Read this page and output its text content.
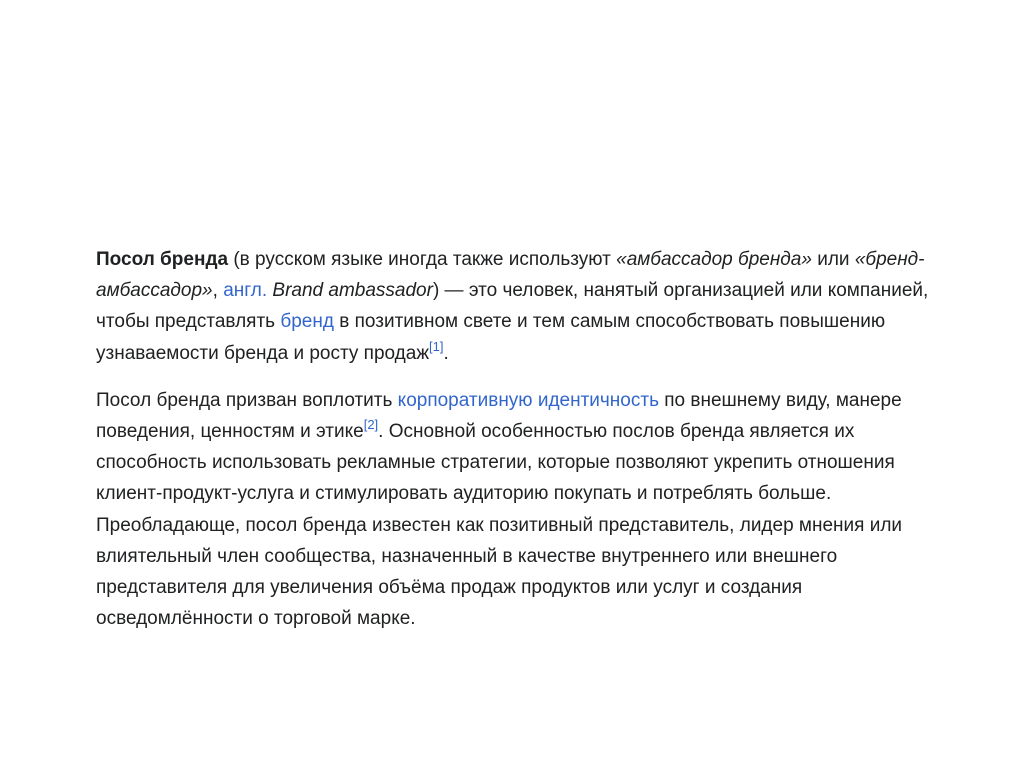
Посол бренда (в русском языке иногда также используют «амбассадор бренда» или «бренд-амбассадор», англ. Brand ambassador) — это человек, нанятый организацией или компанией, чтобы представлять бренд в позитивном свете и тем самым способствовать повышению узнаваемости бренда и росту продаж[1].

Посол бренда призван воплотить корпоративную идентичность по внешнему виду, манере поведения, ценностям и этике[2]. Основной особенностью послов бренда является их способность использовать рекламные стратегии, которые позволяют укрепить отношения клиент-продукт-услуга и стимулировать аудиторию покупать и потреблять больше. Преобладающе, посол бренда известен как позитивный представитель, лидер мнения или влиятельный член сообщества, назначенный в качестве внутреннего или внешнего представителя для увеличения объёма продаж продуктов или услуг и создания осведомлённости о торговой марке.
